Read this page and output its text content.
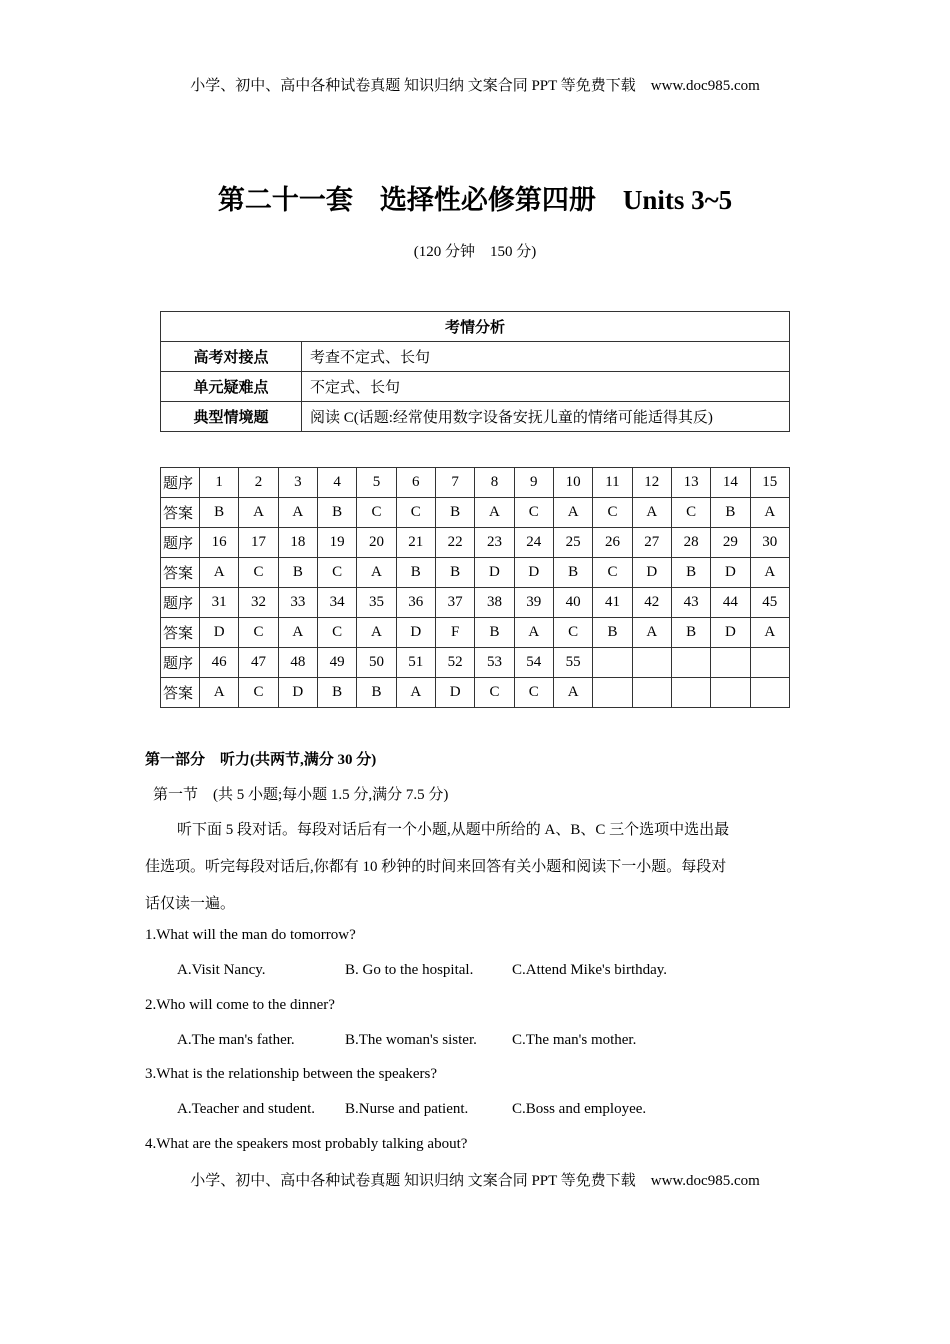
小学、初中、高中各种试卷真题 知识归纳 文案合同 PPT 等免费下载　www.doc985.com
第二十一套　选择性必修第四册　Units 3~5
(120 分钟　150 分)
考情分析	
高考对接点	考查不定式、长句
单元疑难点	不定式、长句
典型情境题	阅读 C(话题:经常使用数字设备安抚儿童的情绪可能适得其反)
题序	1	2	3	4	5	6	7	8	9	10	11	12	13	14	15
答案	B	A	A	B	C	C	B	A	C	A	C	A	C	B	A
题序	16	17	18	19	20	21	22	23	24	25	26	27	28	29	30
答案	A	C	B	C	A	B	B	D	D	B	C	D	B	D	A
题序	31	32	33	34	35	36	37	38	39	40	41	42	43	44	45
答案	D	C	A	C	A	D	F	B	A	C	B	A	B	D	A
题序	46	47	48	49	50	51	52	53	54	55					
答案	A	C	D	B	B	A	D	C	C	A					
第一部分　听力(共两节,满分 30 分)
第一节　(共 5 小题;每小题 1.5 分,满分 7.5 分)
听下面 5 段对话。每段对话后有一个小题,从题中所给的 A、B、C 三个选项中选出最
佳选项。听完每段对话后,你都有 10 秒钟的时间来回答有关小题和阅读下一小题。每段对
话仅读一遍。
1.What will the man do tomorrow?
A.Visit Nancy.	B. Go to the hospital.	C.Attend Mike's birthday.
2.Who will come to the dinner?
A.The man's father.	B.The woman's sister. C.The man's mother.
3.What is the relationship between the speakers?
A.Teacher and student. B.Nurse and patient.	C.Boss and employee.
4.What are the speakers most probably talking about?
小学、初中、高中各种试卷真题 知识归纳 文案合同 PPT 等免费下载　www.doc985.com
